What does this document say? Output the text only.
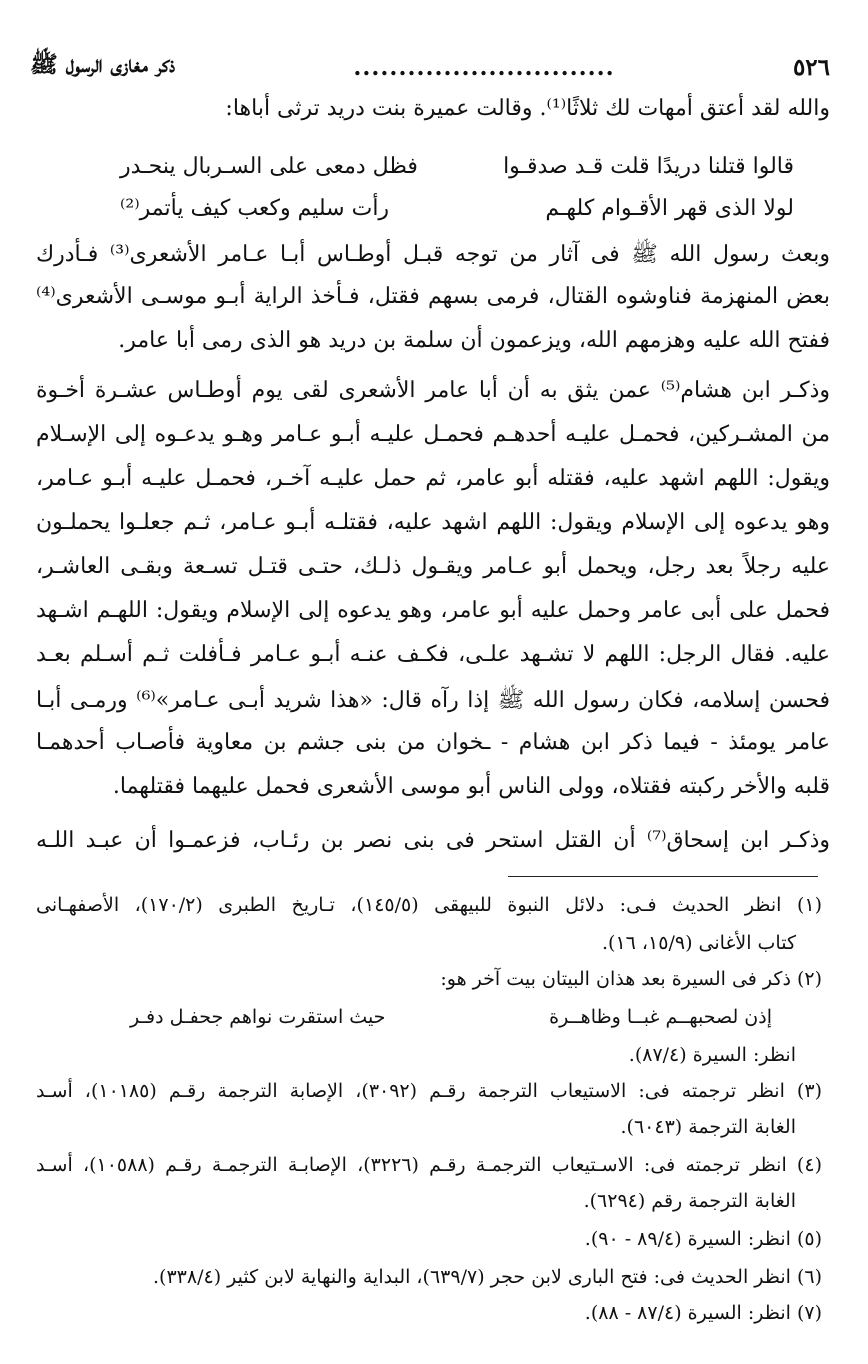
٥٢٦
.............................
ذكر مغازى الرسول ﷺ
والله لقد أعتق أمهات لك ثلاثًا⁽¹⁾. وقالت عميرة بنت دريد ترثى أباها:
قالوا قتلنا دريدًا قلت قـد صدقـوا
فظل دمعى على السـربال ينحـدر
لولا الذى قهر الأقـوام كلهـم
رأت سليم وكعب كيف يأتمر⁽²⁾
وبعث رسول الله ﷺ فى آثار من توجه قبـل أوطـاس أبـا عـامر الأشعرى⁽³⁾ فـأدرك
بعض المنهزمة فناوشوه القتال، فرمى بسهم فقتل، فـأخذ الراية أبـو موسـى الأشعرى⁽⁴⁾
ففتح الله عليه وهزمهم الله، ويزعمون أن سلمة بن دريد هو الذى رمى أبا عامر.
وذكـر ابن هشام⁽⁵⁾ عمن يثق به أن أبا عامر الأشعرى لقى يوم أوطـاس عشـرة أخـوة
من المشـركين، فحمـل عليـه أحدهـم فحمـل عليـه أبـو عـامر وهـو يدعـوه إلى الإسـلام
ويقول: اللهم اشهد عليه، فقتله أبو عامر، ثم حمل عليـه آخـر، فحمـل عليـه أبـو عـامر،
وهو يدعوه إلى الإسلام ويقول: اللهم اشهد عليه، فقتلـه أبـو عـامر، ثـم جعلـوا يحملـون
عليه رجلاً بعد رجل، ويحمل أبو عـامر ويقـول ذلـك، حتـى قتـل تسـعة وبقـى العاشـر،
فحمل على أبى عامر وحمل عليه أبو عامر، وهو يدعوه إلى الإسلام ويقول: اللهـم اشـهد
عليه. فقال الرجل: اللهم لا تشـهد علـى، فكـف عنـه أبـو عـامر فـأفلت ثـم أسـلم بعـد
فحسن إسلامه، فكان رسول الله ﷺ إذا رآه قال: «هذا شريد أبـى عـامر»⁽⁶⁾ ورمـى أبـا
عامر يومئذ - فيما ذكر ابن هشام - ـخوان من بنى جشم بن معاوية فأصـاب أحدهمـا
قلبه والأخر ركبته فقتلاه، وولى الناس أبو موسى الأشعرى فحمل عليهما فقتلهما.
وذكـر ابن إسحاق⁽⁷⁾ أن القتل استحر فى بنى نصر بن رئـاب، فزعمـوا أن عبـد اللـه
(١) انظر الحديث فـى: دلائل النبوة للبيهقى (١٤٥/٥)، تـاريخ الطبرى (١٧٠/٢)، الأصفهـانى
كتاب الأغانى (١٥/٩، ١٦).
(٢) ذكر فى السيرة بعد هذان البيتان بيت آخر هو:
إذن لصحبهــم غبــا وظاهــرة
حيث استقرت نواهم جحفـل دفـر
انظر: السيرة (٨٧/٤).
(٣) انظر ترجمته فى: الاستيعاب الترجمة رقـم (٣٠٩٢)، الإصابة الترجمة رقـم (١٠١٨٥)، أسـد
الغابة الترجمة (٦٠٤٣).
(٤) انظر ترجمته فى: الاسـتيعاب الترجمـة رقـم (٣٢٢٦)، الإصابـة الترجمـة رقـم (١٠٥٨٨)، أسـد
الغابة الترجمة رقم (٦٢٩٤).
(٥) انظر: السيرة (٨٩/٤ - ٩٠).
(٦) انظر الحديث فى: فتح البارى لابن حجر (٦٣٩/٧)، البداية والنهاية لابن كثير (٣٣٨/٤).
(٧) انظر: السيرة (٨٧/٤ - ٨٨).
